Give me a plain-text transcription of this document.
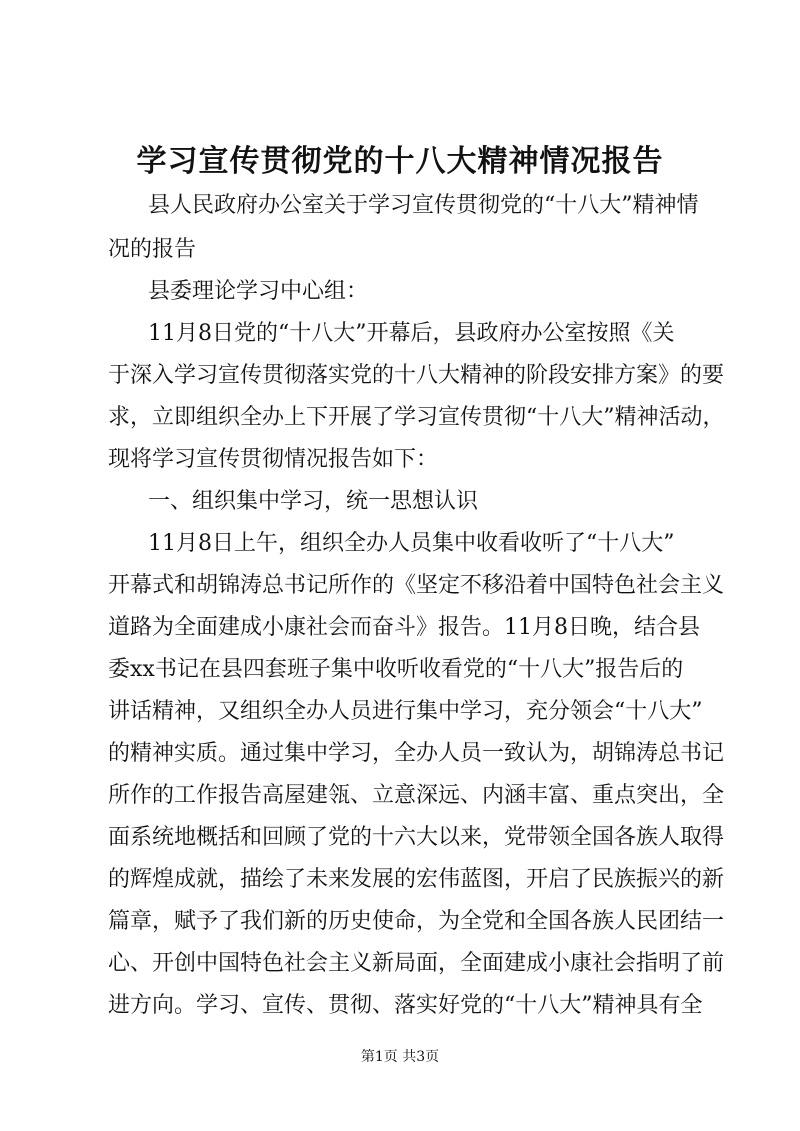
学习宣传贯彻党的十八大精神情况报告

县人民政府办公室关于学习宣传贯彻党的“十八大”精神情

况的报告

县委理论学习中心组：

11月8日党的“十八大”开幕后，县政府办公室按照《关

于深入学习宣传贯彻落实党的十八大精神的阶段安排方案》的要

求，立即组织全办上下开展了学习宣传贯彻“十八大”精神活动，

现将学习宣传贯彻情况报告如下：

一、组织集中学习，统一思想认识

11月8日上午，组织全办人员集中收看收听了“十八大”

开幕式和胡锦涛总书记所作的《坚定不移沿着中国特色社会主义

道路为全面建成小康社会而奋斗》报告。11月8日晚，结合县

委xx书记在县四套班子集中收听收看党的“十八大”报告后的

讲话精神，又组织全办人员进行集中学习，充分领会“十八大”

的精神实质。通过集中学习，全办人员一致认为，胡锦涛总书记

所作的工作报告高屋建瓴、立意深远、内涵丰富、重点突出，全

面系统地概括和回顾了党的十六大以来，党带领全国各族人取得

的辉煌成就，描绘了未来发展的宏伟蓝图，开启了民族振兴的新

篇章，赋予了我们新的历史使命，为全党和全国各族人民团结一

心、开创中国特色社会主义新局面，全面建成小康社会指明了前

进方向。学习、宣传、贯彻、落实好党的“十八大”精神具有全

第1页 共3页
